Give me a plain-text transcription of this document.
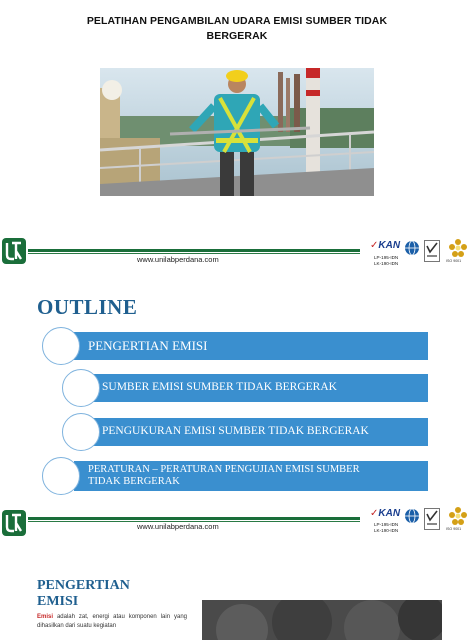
PELATIHAN PENGAMBILAN UDARA EMISI SUMBER TIDAK
BERGERAK
www.unilabperdana.com
✓KAN
LP-195-IDN
LK-190-IDN	ISO 9001
OUTLINE
PENGERTIAN EMISI
SUMBER EMISI SUMBER TIDAK BERGERAK
PENGUKURAN EMISI SUMBER TIDAK BERGERAK
PERATURAN – PERATURAN PENGUJIAN EMISI SUMBER
TIDAK BERGERAK
www.unilabperdana.com
✓KAN
LP-195-IDN
LK-190-IDN	ISO 9001
PENGERTIAN
EMISI
Emisi adalah zat, energi atau komponen lain yang dihasilkan dari suatu kegiatan
